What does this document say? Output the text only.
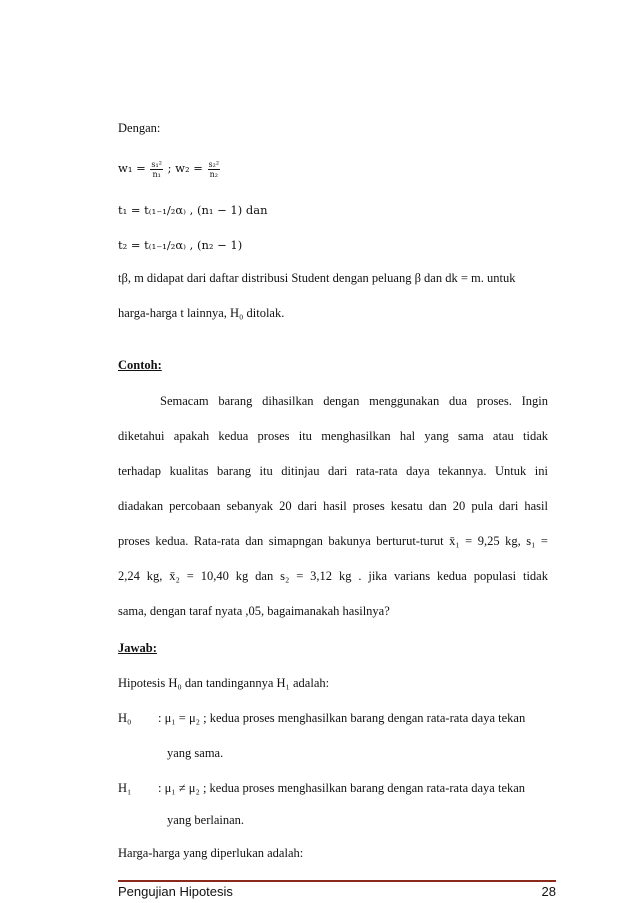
Dengan:
$w_1 = \frac{\text{s₁²}}{\text{n₁}}$ ; $w_2 = \frac{\text{s₂²}}{\text{n₂}}$
t₁ = t₍₁₋₁/₂α₎ , (n₁ − 1) dan
t₂ = t₍₁₋₁/₂α₎ , (n₂ − 1)
tβ, m didapat dari daftar distribusi Student dengan peluang β dan dk = m. untuk
harga-harga t lainnya, H₀ ditolak.
Contoh:
Semacam barang dihasilkan dengan menggunakan dua proses. Ingin
diketahui apakah kedua proses itu menghasilkan hal yang sama atau tidak
terhadap kualitas barang itu ditinjau dari rata-rata daya tekannya. Untuk ini
diadakan percobaan sebanyak 20 dari hasil proses kesatu dan 20 pula dari hasil
proses kedua. Rata-rata dan simapngan bakunya berturut-turut x̄₁ = 9,25 kg, s₁ =
2,24 kg, x̄₂ = 10,40 kg dan s₂ = 3,12 kg . jika varians kedua populasi tidak
sama, dengan taraf nyata ,05, bagaimanakah hasilnya?
Jawab:
Hipotesis H₀ dan tandingannya H₁ adalah:
H₀ : μ₁ = μ₂ ; kedua proses menghasilkan barang dengan rata-rata daya tekan
yang sama.
H₁ : μ₁ ≠ μ₂ ; kedua proses menghasilkan barang dengan rata-rata daya tekan
yang berlainan.
Harga-harga yang diperlukan adalah:
Pengujian Hipotesis	28
